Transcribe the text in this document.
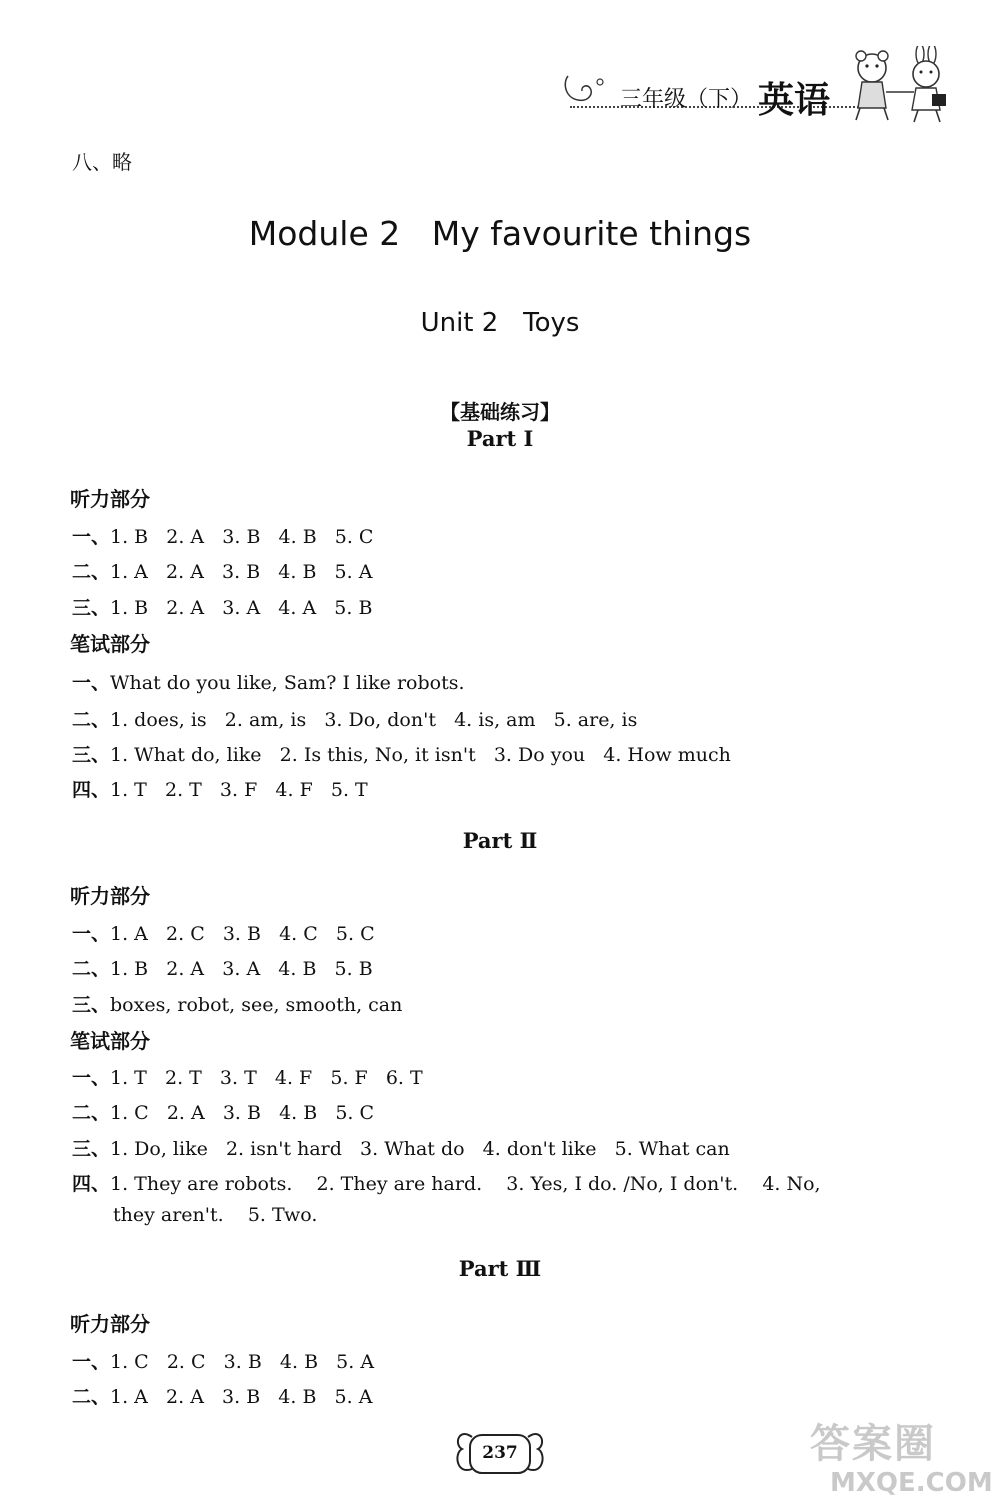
三年级（下） 英语
八、略
Module 2   My favourite things
Unit 2   Toys
【基础练习】
Part Ⅰ
听力部分
一、1. B   2. A   3. B   4. B   5. C
二、1. A   2. A   3. B   4. B   5. A
三、1. B   2. A   3. A   4. A   5. B
笔试部分
一、What do you like, Sam? I like robots.
二、1. does, is   2. am, is   3. Do, don't   4. is, am   5. are, is
三、1. What do, like   2. Is this, No, it isn't   3. Do you   4. How much
四、1. T   2. T   3. F   4. F   5. T
Part Ⅱ
听力部分
一、1. A   2. C   3. B   4. C   5. C
二、1. B   2. A   3. A   4. B   5. B
三、boxes, robot, see, smooth, can
笔试部分
一、1. T   2. T   3. T   4. F   5. F   6. T
二、1. C   2. A   3. B   4. B   5. C
三、1. Do, like   2. isn't hard   3. What do   4. don't like   5. What can
四、1. They are robots.    2. They are hard.    3. Yes, I do. /No, I don't.    4. No,
they aren't.    5. Two.
Part Ⅲ
听力部分
一、1. C   2. C   3. B   4. B   5. A
二、1. A   2. A   3. B   4. B   5. A
237	答案圈
MXQE.COM
